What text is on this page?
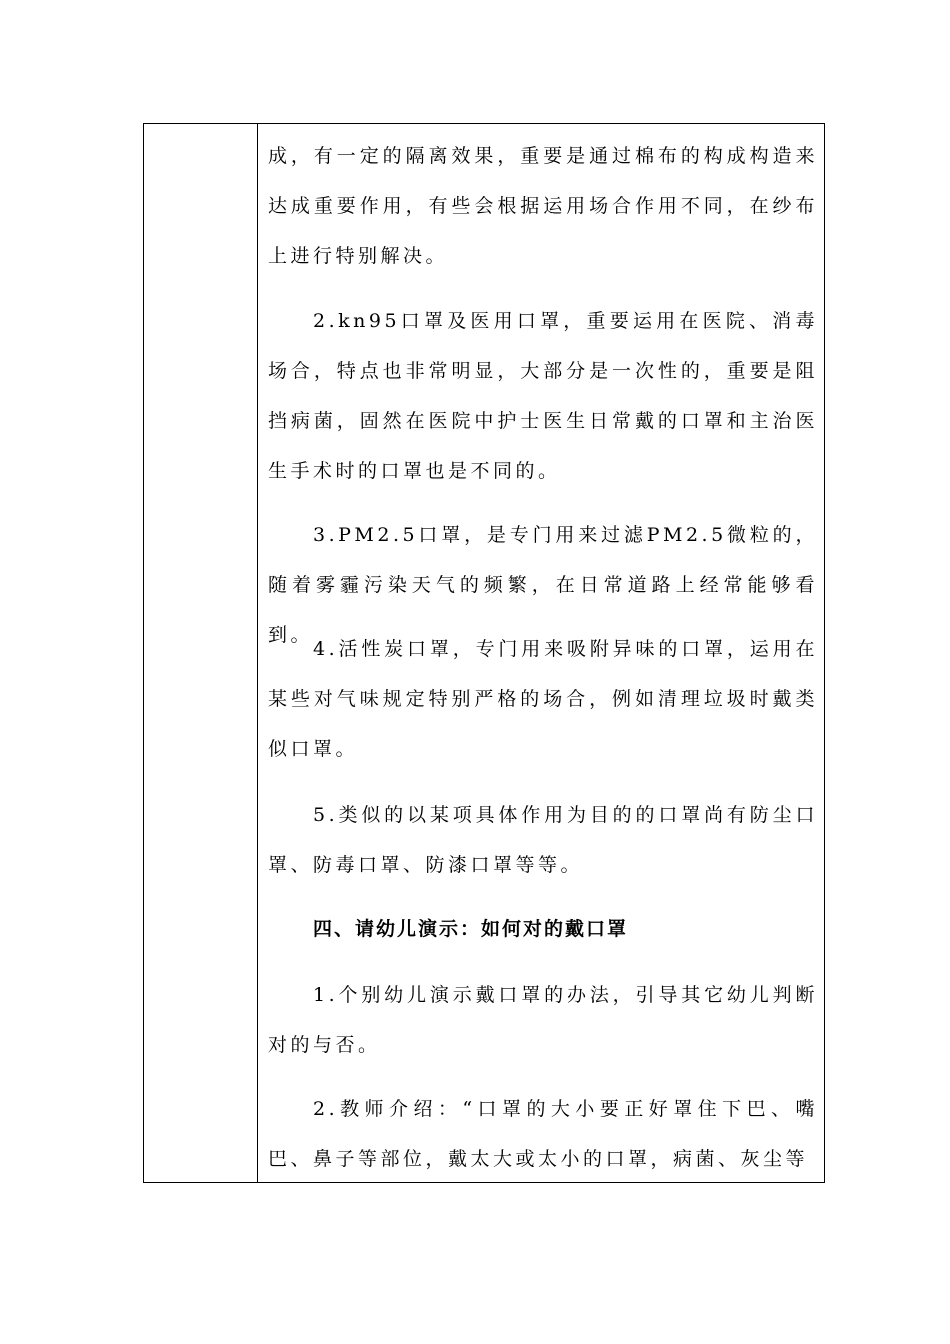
成，有一定的隔离效果，重要是通过棉布的构成构造来达成重要作用，有些会根据运用场合作用不同，在纱布上进行特别解决。

2.kn95口罩及医用口罩，重要运用在医院、消毒场合，特点也非常明显，大部分是一次性的，重要是阻挡病菌，固然在医院中护士医生日常戴的口罩和主治医生手术时的口罩也是不同的。

3.PM2.5口罩，是专门用来过滤PM2.5微粒的，随着雾霾污染天气的频繁，在日常道路上经常能够看到。

4.活性炭口罩，专门用来吸附异味的口罩，运用在某些对气味规定特别严格的场合，例如清理垃圾时戴类似口罩。

5.类似的以某项具体作用为目的的口罩尚有防尘口罩、防毒口罩、防漆口罩等等。

四、请幼儿演示：如何对的戴口罩

1.个别幼儿演示戴口罩的办法，引导其它幼儿判断对的与否。

2.教师介绍：“口罩的大小要正好罩住下巴、嘴巴、鼻子等部位，戴太大或太小的口罩，病菌、灰尘等
